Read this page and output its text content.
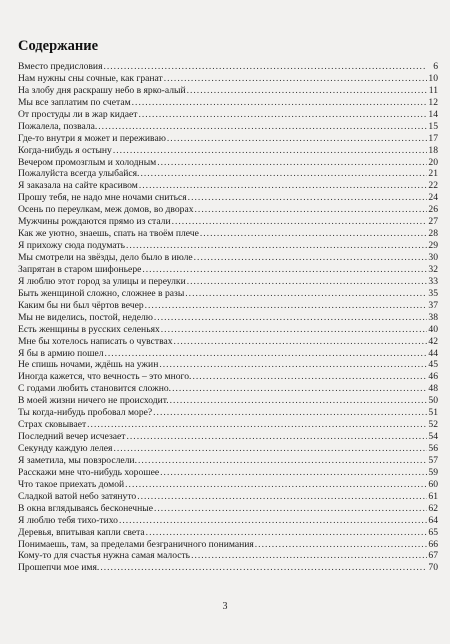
Содержание
Вместо предисловия .....	6
Нам нужны сны сочные, как гранат .....	10
На злобу дня раскрашу небо в ярко-алый .....	11
Мы все заплатим по счетам .....	12
От простуды ли в жар кидает .....	14
Пожалела, позвала. .....	15
Где-то внутри я может и переживаю .....	17
Когда-нибудь я остыну .....	18
Вечером промозглым и холодным .....	20
Пожалуйста всегда улыбайся. .....	21
Я заказала на сайте красивом .....	22
Прошу тебя, не надо мне ночами сниться .....	24
Осень по переулкам, меж домов, во дворах .....	26
Мужчины рождаются прямо из стали .....	27
Как же уютно, знаешь, спать на твоём плече .....	28
Я прихожу сюда подумать .....	29
Мы смотрели на звёзды, дело было в июле .....	30
Запрятан в старом шифоньере .....	32
Я люблю этот город за улицы и переулки .....	33
Быть женщиной сложно, сложнее в разы .....	35
Каким бы ни был чёртов вечер .....	37
Мы не виделись, постой, неделю .....	38
Есть женщины в русских селеньях .....	40
Мне бы хотелось написать о чувствах .....	42
Я бы в армию пошел .....	44
Не спишь ночами, ждёшь на ужин .....	45
Иногда кажется, что вечность – это много. .....	46
С годами любить становится сложно. .....	48
В моей жизни ничего не происходит. .....	50
Ты когда-нибудь пробовал море? .....	51
Страх сковывает .....	52
Последний вечер исчезает .....	54
Секунду каждую лелея .....	56
Я заметила, мы повзрослели. .....	57
Расскажи мне что-нибудь хорошее .....	59
Что такое приехать домой .....	60
Сладкой ватой небо затянуто .....	61
В окна вглядываясь бесконечные .....	62
Я люблю тебя тихо-тихо .....	64
Деревья, впитывая капли света .....	65
Понимаешь, там, за пределами безграничного понимания .....	66
Кому-то для счастья нужна самая малость .....	67
Прошепчи мое имя. .....	70
3
